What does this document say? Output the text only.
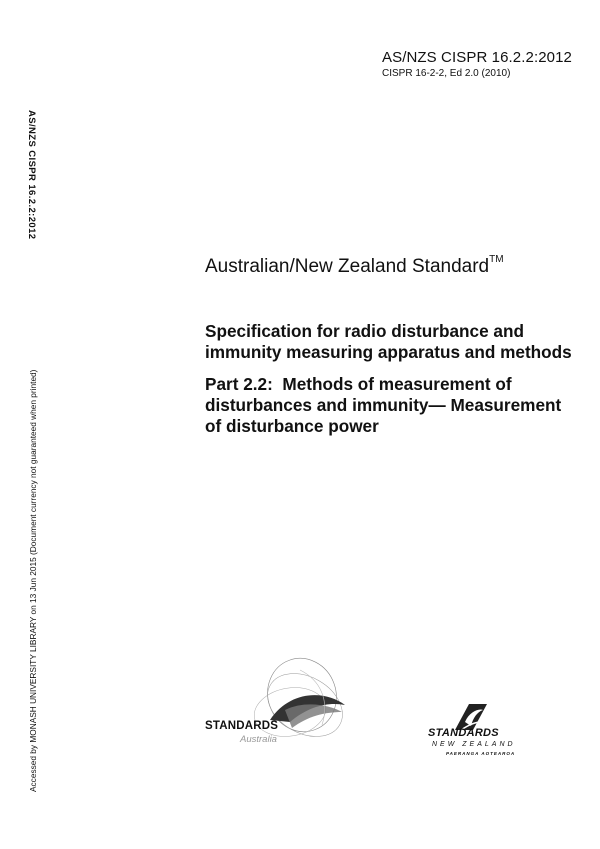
AS/NZS CISPR 16.2.2:2012
CISPR 16-2-2, Ed 2.0 (2010)
AS/NZS CISPR 16.2.2:2012
Accessed by MONASH UNIVERSITY LIBRARY on 13 Jun 2015 (Document currency not guaranteed when printed)
Australian/New Zealand Standard™

Specification for radio disturbance and immunity measuring apparatus and methods

Part 2.2:  Methods of measurement of disturbances and immunity— Measurement of disturbance power

STANDARDS
Australia
STANDARDS
NEW ZEALAND
PAERANGA AOTEAROA
